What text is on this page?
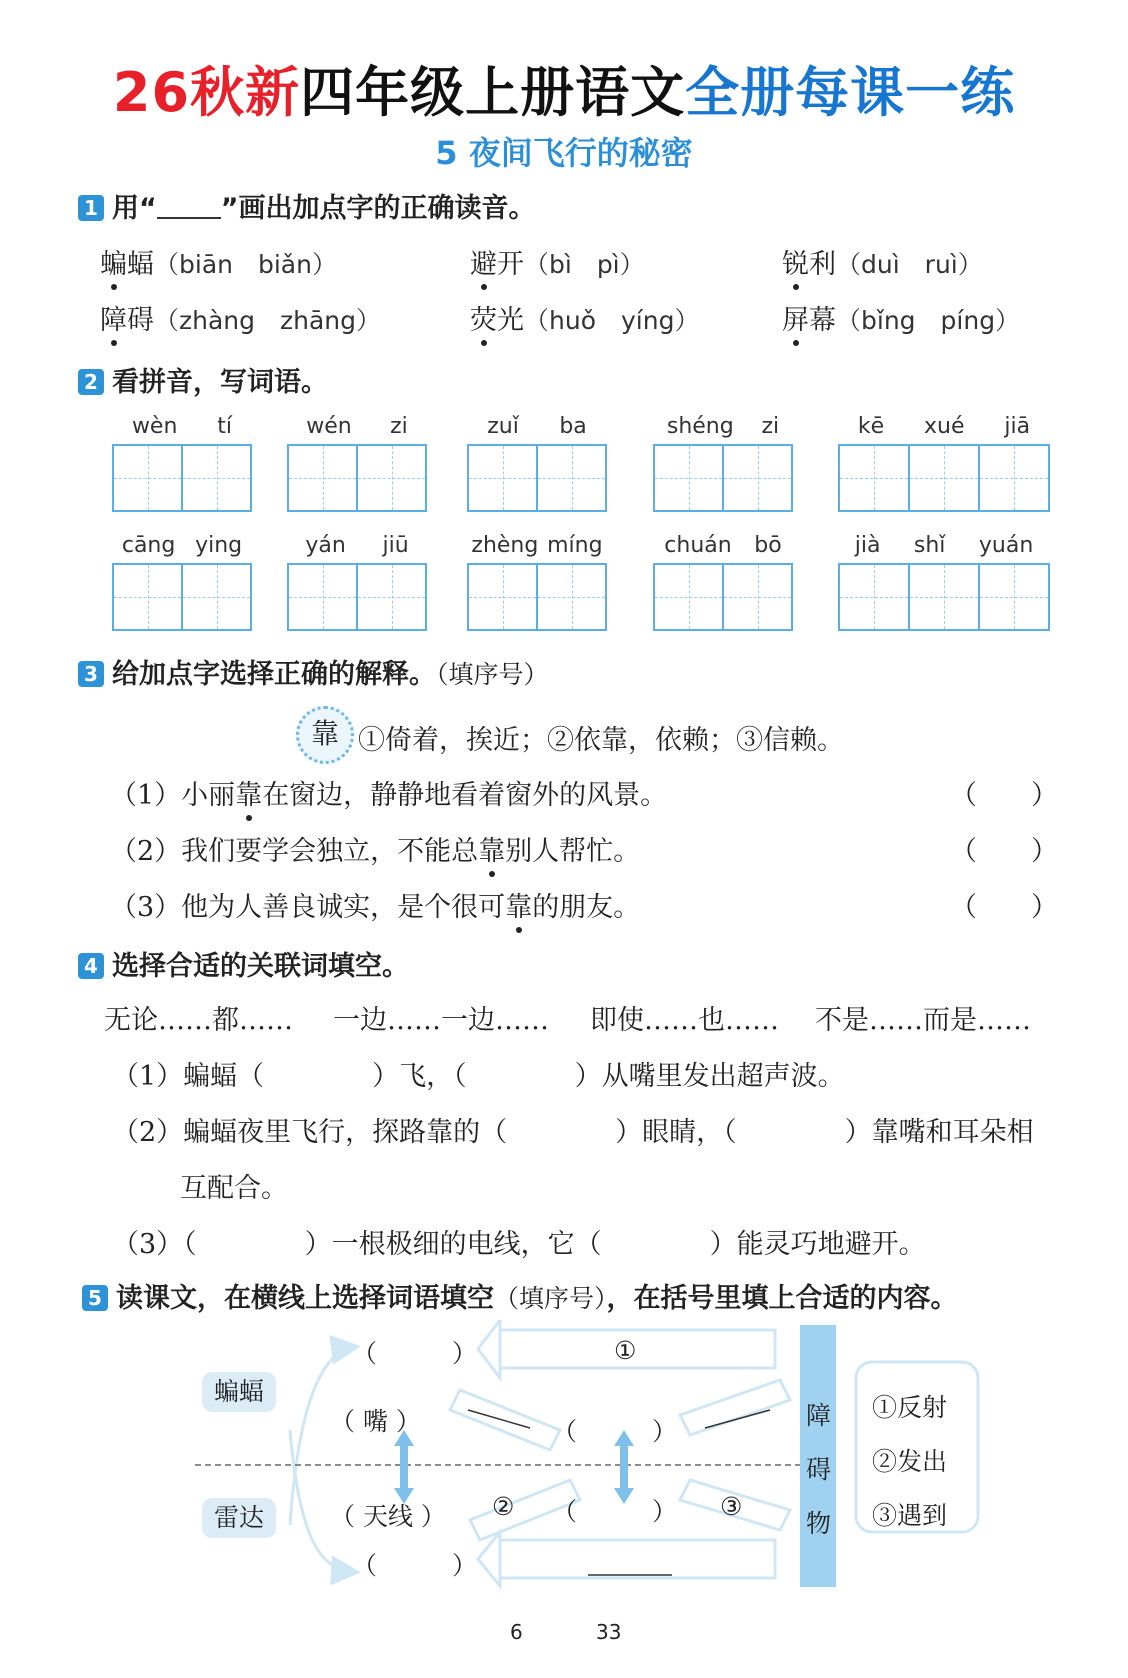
26秋新四年级上册语文全册每课一练
5 夜间飞行的秘密
1 用“ ”画出加点字的正确读音。
蝙蝠（biān　biǎn）	避开（bì　pì）	锐利（duì　ruì）
障碍（zhàng　zhāng）	荧光（huǒ　yíng）	屏幕（bǐng　píng）
2 看拼音，写词语。
wèn tí	wén zi	zuǐ ba	shéng zi	kē xué jiā
cāng ying	yán jiū	zhèng míng	chuán bō	jià shǐ yuán
3 给加点字选择正确的解释。（填序号）
靠 ①倚着，挨近；②依靠，依赖；③信赖。
（1）小丽靠在窗边，静静地看着窗外的风景。	（　　）
（2）我们要学会独立，不能总靠别人帮忙。	（　　）
（3）他为人善良诚实，是个很可靠的朋友。	（　　）
4 选择合适的关联词填空。
无论……都…… 一边……一边…… 即使……也…… 不是……而是……
（1）蝙蝠（　　　　）飞，（　　　　）从嘴里发出超声波。
（2）蝙蝠夜里飞行，探路靠的（　　　　）眼睛，（　　　　）靠嘴和耳朵相
互配合。
（3）（　　　　）一根极细的电线，它（　　　　）能灵巧地避开。
5 读课文，在横线上选择词语填空（填序号），在括号里填上合适的内容。
蝙蝠
雷达
（　　　）
（ 嘴 ）	（　　　）
①
（ 天线 ） ② （　　　） ③
（　　　）
障
碍
物
①反射
②发出
③遇到
6	33
